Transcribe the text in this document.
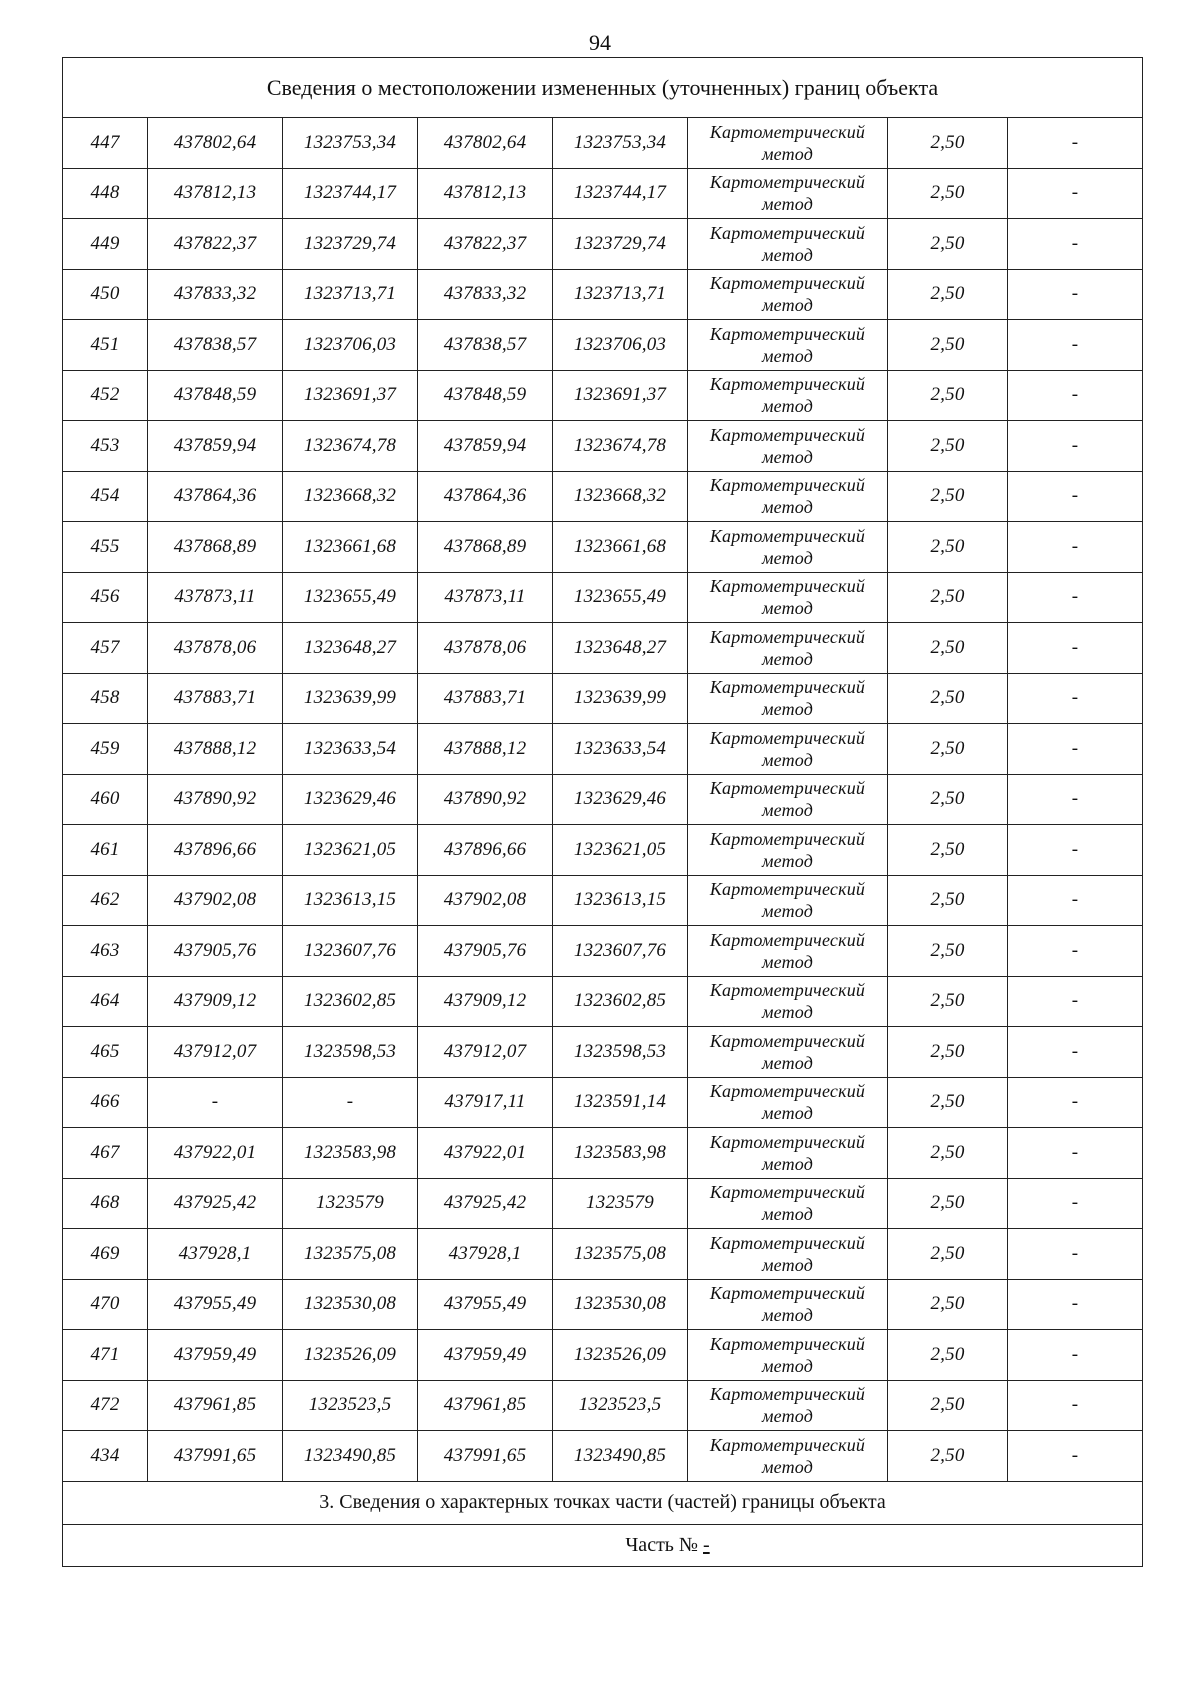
94
Сведения о местоположении измененных (уточненных) границ объекта							
447	437802,64	1323753,34	437802,64	1323753,34	Картометрический метод	2,50	-
448	437812,13	1323744,17	437812,13	1323744,17	Картометрический метод	2,50	-
449	437822,37	1323729,74	437822,37	1323729,74	Картометрический метод	2,50	-
450	437833,32	1323713,71	437833,32	1323713,71	Картометрический метод	2,50	-
451	437838,57	1323706,03	437838,57	1323706,03	Картометрический метод	2,50	-
452	437848,59	1323691,37	437848,59	1323691,37	Картометрический метод	2,50	-
453	437859,94	1323674,78	437859,94	1323674,78	Картометрический метод	2,50	-
454	437864,36	1323668,32	437864,36	1323668,32	Картометрический метод	2,50	-
455	437868,89	1323661,68	437868,89	1323661,68	Картометрический метод	2,50	-
456	437873,11	1323655,49	437873,11	1323655,49	Картометрический метод	2,50	-
457	437878,06	1323648,27	437878,06	1323648,27	Картометрический метод	2,50	-
458	437883,71	1323639,99	437883,71	1323639,99	Картометрический метод	2,50	-
459	437888,12	1323633,54	437888,12	1323633,54	Картометрический метод	2,50	-
460	437890,92	1323629,46	437890,92	1323629,46	Картометрический метод	2,50	-
461	437896,66	1323621,05	437896,66	1323621,05	Картометрический метод	2,50	-
462	437902,08	1323613,15	437902,08	1323613,15	Картометрический метод	2,50	-
463	437905,76	1323607,76	437905,76	1323607,76	Картометрический метод	2,50	-
464	437909,12	1323602,85	437909,12	1323602,85	Картометрический метод	2,50	-
465	437912,07	1323598,53	437912,07	1323598,53	Картометрический метод	2,50	-
466	-	-	437917,11	1323591,14	Картометрический метод	2,50	-
467	437922,01	1323583,98	437922,01	1323583,98	Картометрический метод	2,50	-
468	437925,42	1323579	437925,42	1323579	Картометрический метод	2,50	-
469	437928,1	1323575,08	437928,1	1323575,08	Картометрический метод	2,50	-
470	437955,49	1323530,08	437955,49	1323530,08	Картометрический метод	2,50	-
471	437959,49	1323526,09	437959,49	1323526,09	Картометрический метод	2,50	-
472	437961,85	1323523,5	437961,85	1323523,5	Картометрический метод	2,50	-
434	437991,65	1323490,85	437991,65	1323490,85	Картометрический метод	2,50	-
3. Сведения о характерных точках части (частей) границы объекта							
Часть № -							
